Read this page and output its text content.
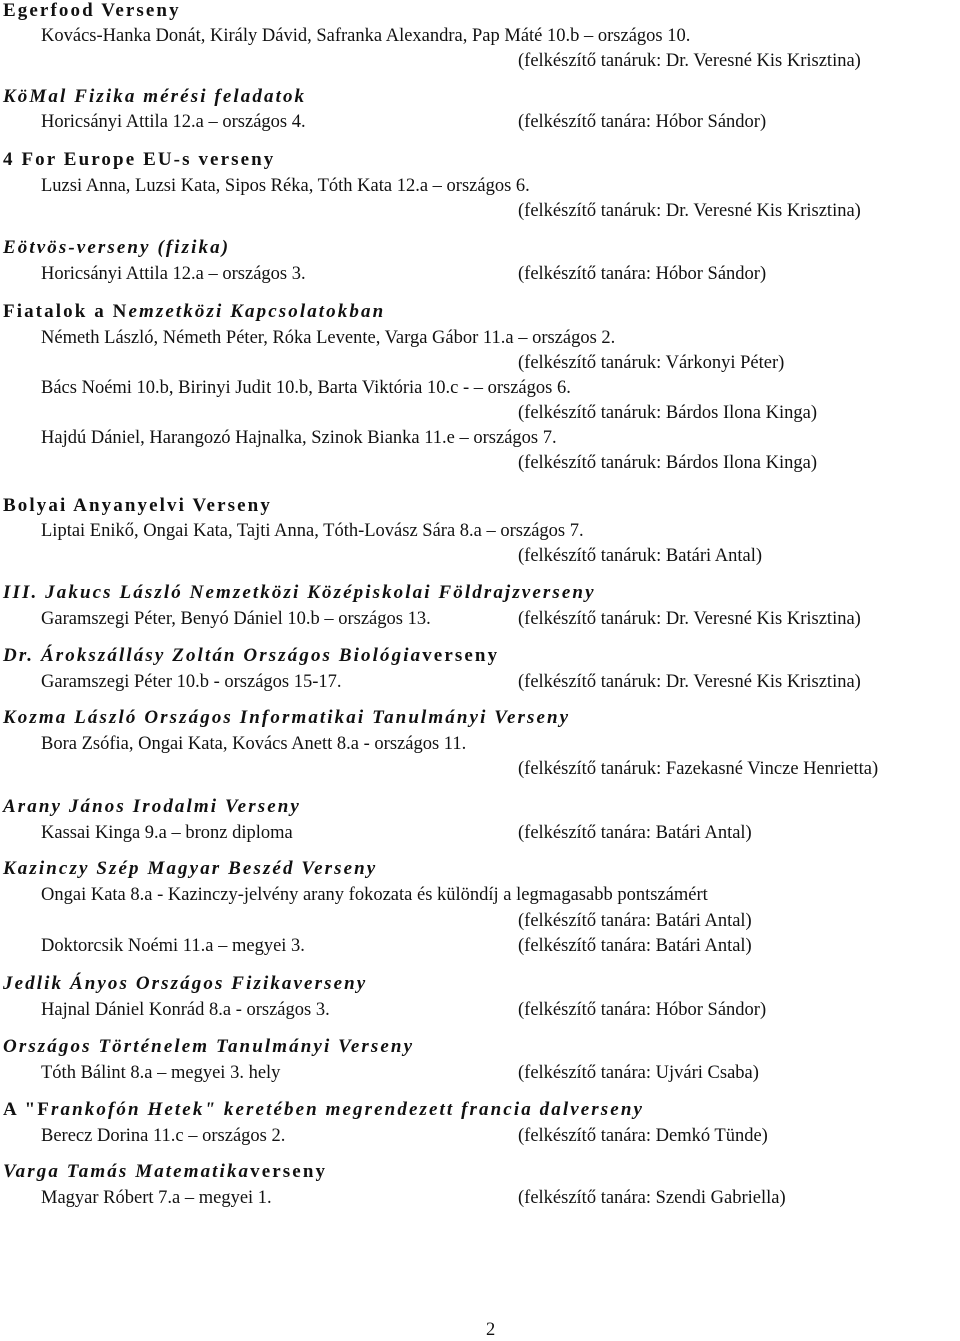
Egerfood Verseny
Kovács-Hanka Donát, Király Dávid, Safranka Alexandra, Pap Máté 10.b – országos 10.
(felkészítő tanáruk: Dr. Veresné Kis Krisztina)
KöMal Fizika mérési feladatok
Horicsányi Attila 12.a – országos 4.	(felkészítő tanára: Hóbor Sándor)
4 For Europe EU-s verseny
Luzsi Anna, Luzsi Kata, Sipos Réka, Tóth Kata 12.a – országos 6.
(felkészítő tanáruk: Dr. Veresné Kis Krisztina)
Eötvös-verseny (fizika)
Horicsányi Attila 12.a – országos 3.	(felkészítő tanára: Hóbor Sándor)
Fiatalok a Nemzetközi Kapcsolatokban
Németh László, Németh Péter, Róka Levente, Varga Gábor 11.a – országos 2.
(felkészítő tanáruk: Várkonyi Péter)
Bács Noémi 10.b, Birinyi Judit 10.b, Barta Viktória 10.c - – országos 6.
(felkészítő tanáruk: Bárdos Ilona Kinga)
Hajdú Dániel, Harangozó Hajnalka, Szinok Bianka 11.e – országos 7.
(felkészítő tanáruk: Bárdos Ilona Kinga)
Bolyai Anyanyelvi Verseny
Liptai Enikő, Ongai Kata, Tajti Anna, Tóth-Lovász Sára 8.a – országos 7.
(felkészítő tanáruk: Batári Antal)
III. Jakucs László Nemzetközi Középiskolai Földrajzverseny
Garamszegi Péter, Benyó Dániel 10.b – országos 13.	(felkészítő tanáruk: Dr. Veresné Kis Krisztina)
Dr. Árokszállásy Zoltán Országos Biológiaverseny
Garamszegi Péter 10.b - országos 15-17.	(felkészítő tanáruk: Dr. Veresné Kis Krisztina)
Kozma László Országos Informatikai Tanulmányi Verseny
Bora Zsófia, Ongai Kata, Kovács Anett 8.a - országos 11.
(felkészítő tanáruk: Fazekasné Vincze Henrietta)
Arany János Irodalmi Verseny
Kassai Kinga 9.a – bronz diploma	(felkészítő tanára: Batári Antal)
Kazinczy Szép Magyar Beszéd Verseny
Ongai Kata 8.a - Kazinczy-jelvény arany fokozata és különdíj a legmagasabb pontszámért
(felkészítő tanára: Batári Antal)
Doktorcsik Noémi 11.a – megyei 3.	(felkészítő tanára: Batári Antal)
Jedlik Ányos Országos Fizikaverseny
Hajnal Dániel Konrád 8.a - országos 3.	(felkészítő tanára: Hóbor Sándor)
Országos Történelem Tanulmányi Verseny
Tóth Bálint 8.a – megyei 3. hely	(felkészítő tanára: Ujvári Csaba)
A "Frankofón Hetek" keretében megrendezett francia dalverseny
Berecz Dorina 11.c – országos 2.	(felkészítő tanára: Demkó Tünde)
Varga Tamás Matematikaverseny
Magyar Róbert 7.a – megyei 1.	(felkészítő tanára: Szendi Gabriella)
2
